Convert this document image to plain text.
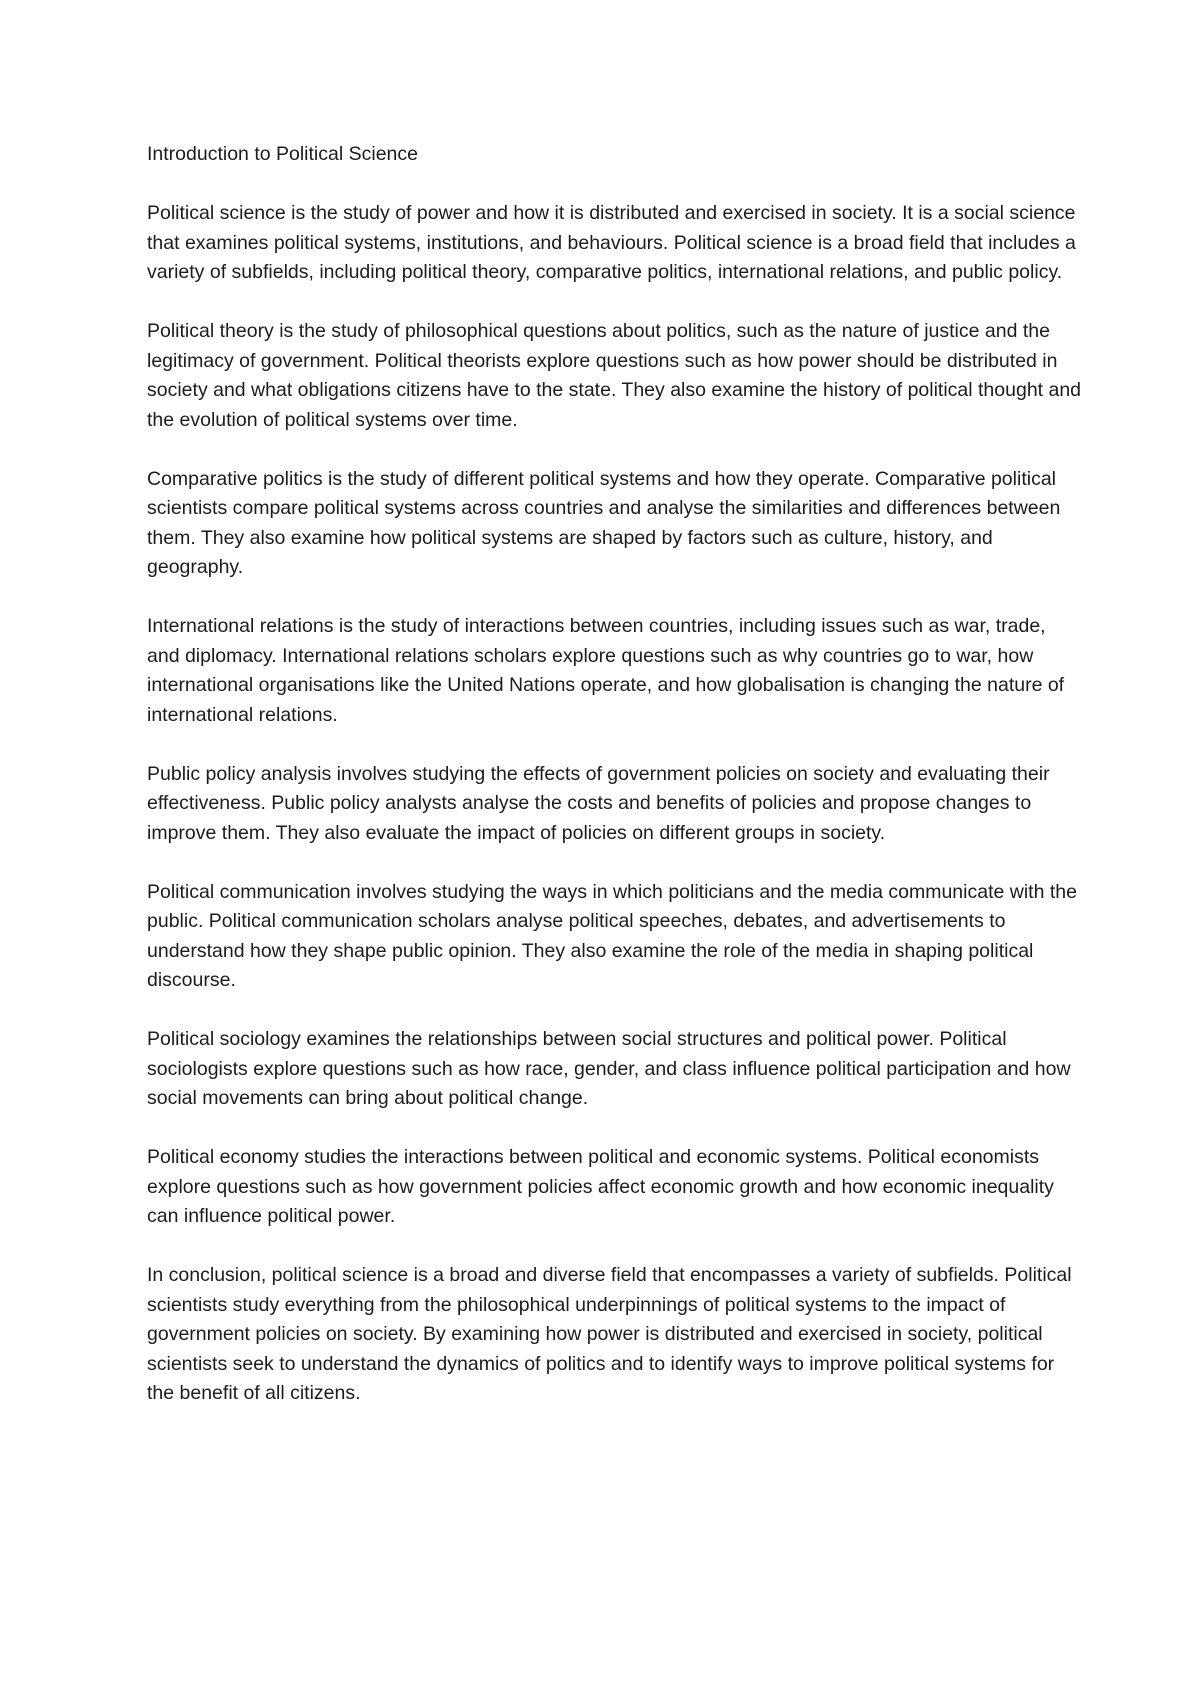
Introduction to Political Science

Political science is the study of power and how it is distributed and exercised in society. It is a social science that examines political systems, institutions, and behaviours. Political science is a broad field that includes a variety of subfields, including political theory, comparative politics, international relations, and public policy.

Political theory is the study of philosophical questions about politics, such as the nature of justice and the legitimacy of government. Political theorists explore questions such as how power should be distributed in society and what obligations citizens have to the state. They also examine the history of political thought and the evolution of political systems over time.

Comparative politics is the study of different political systems and how they operate. Comparative political scientists compare political systems across countries and analyse the similarities and differences between them. They also examine how political systems are shaped by factors such as culture, history, and geography.

International relations is the study of interactions between countries, including issues such as war, trade, and diplomacy. International relations scholars explore questions such as why countries go to war, how international organisations like the United Nations operate, and how globalisation is changing the nature of international relations.

Public policy analysis involves studying the effects of government policies on society and evaluating their effectiveness. Public policy analysts analyse the costs and benefits of policies and propose changes to improve them. They also evaluate the impact of policies on different groups in society.

Political communication involves studying the ways in which politicians and the media communicate with the public. Political communication scholars analyse political speeches, debates, and advertisements to understand how they shape public opinion. They also examine the role of the media in shaping political discourse.

Political sociology examines the relationships between social structures and political power. Political sociologists explore questions such as how race, gender, and class influence political participation and how social movements can bring about political change.

Political economy studies the interactions between political and economic systems. Political economists explore questions such as how government policies affect economic growth and how economic inequality can influence political power.

In conclusion, political science is a broad and diverse field that encompasses a variety of subfields. Political scientists study everything from the philosophical underpinnings of political systems to the impact of government policies on society. By examining how power is distributed and exercised in society, political scientists seek to understand the dynamics of politics and to identify ways to improve political systems for the benefit of all citizens.
